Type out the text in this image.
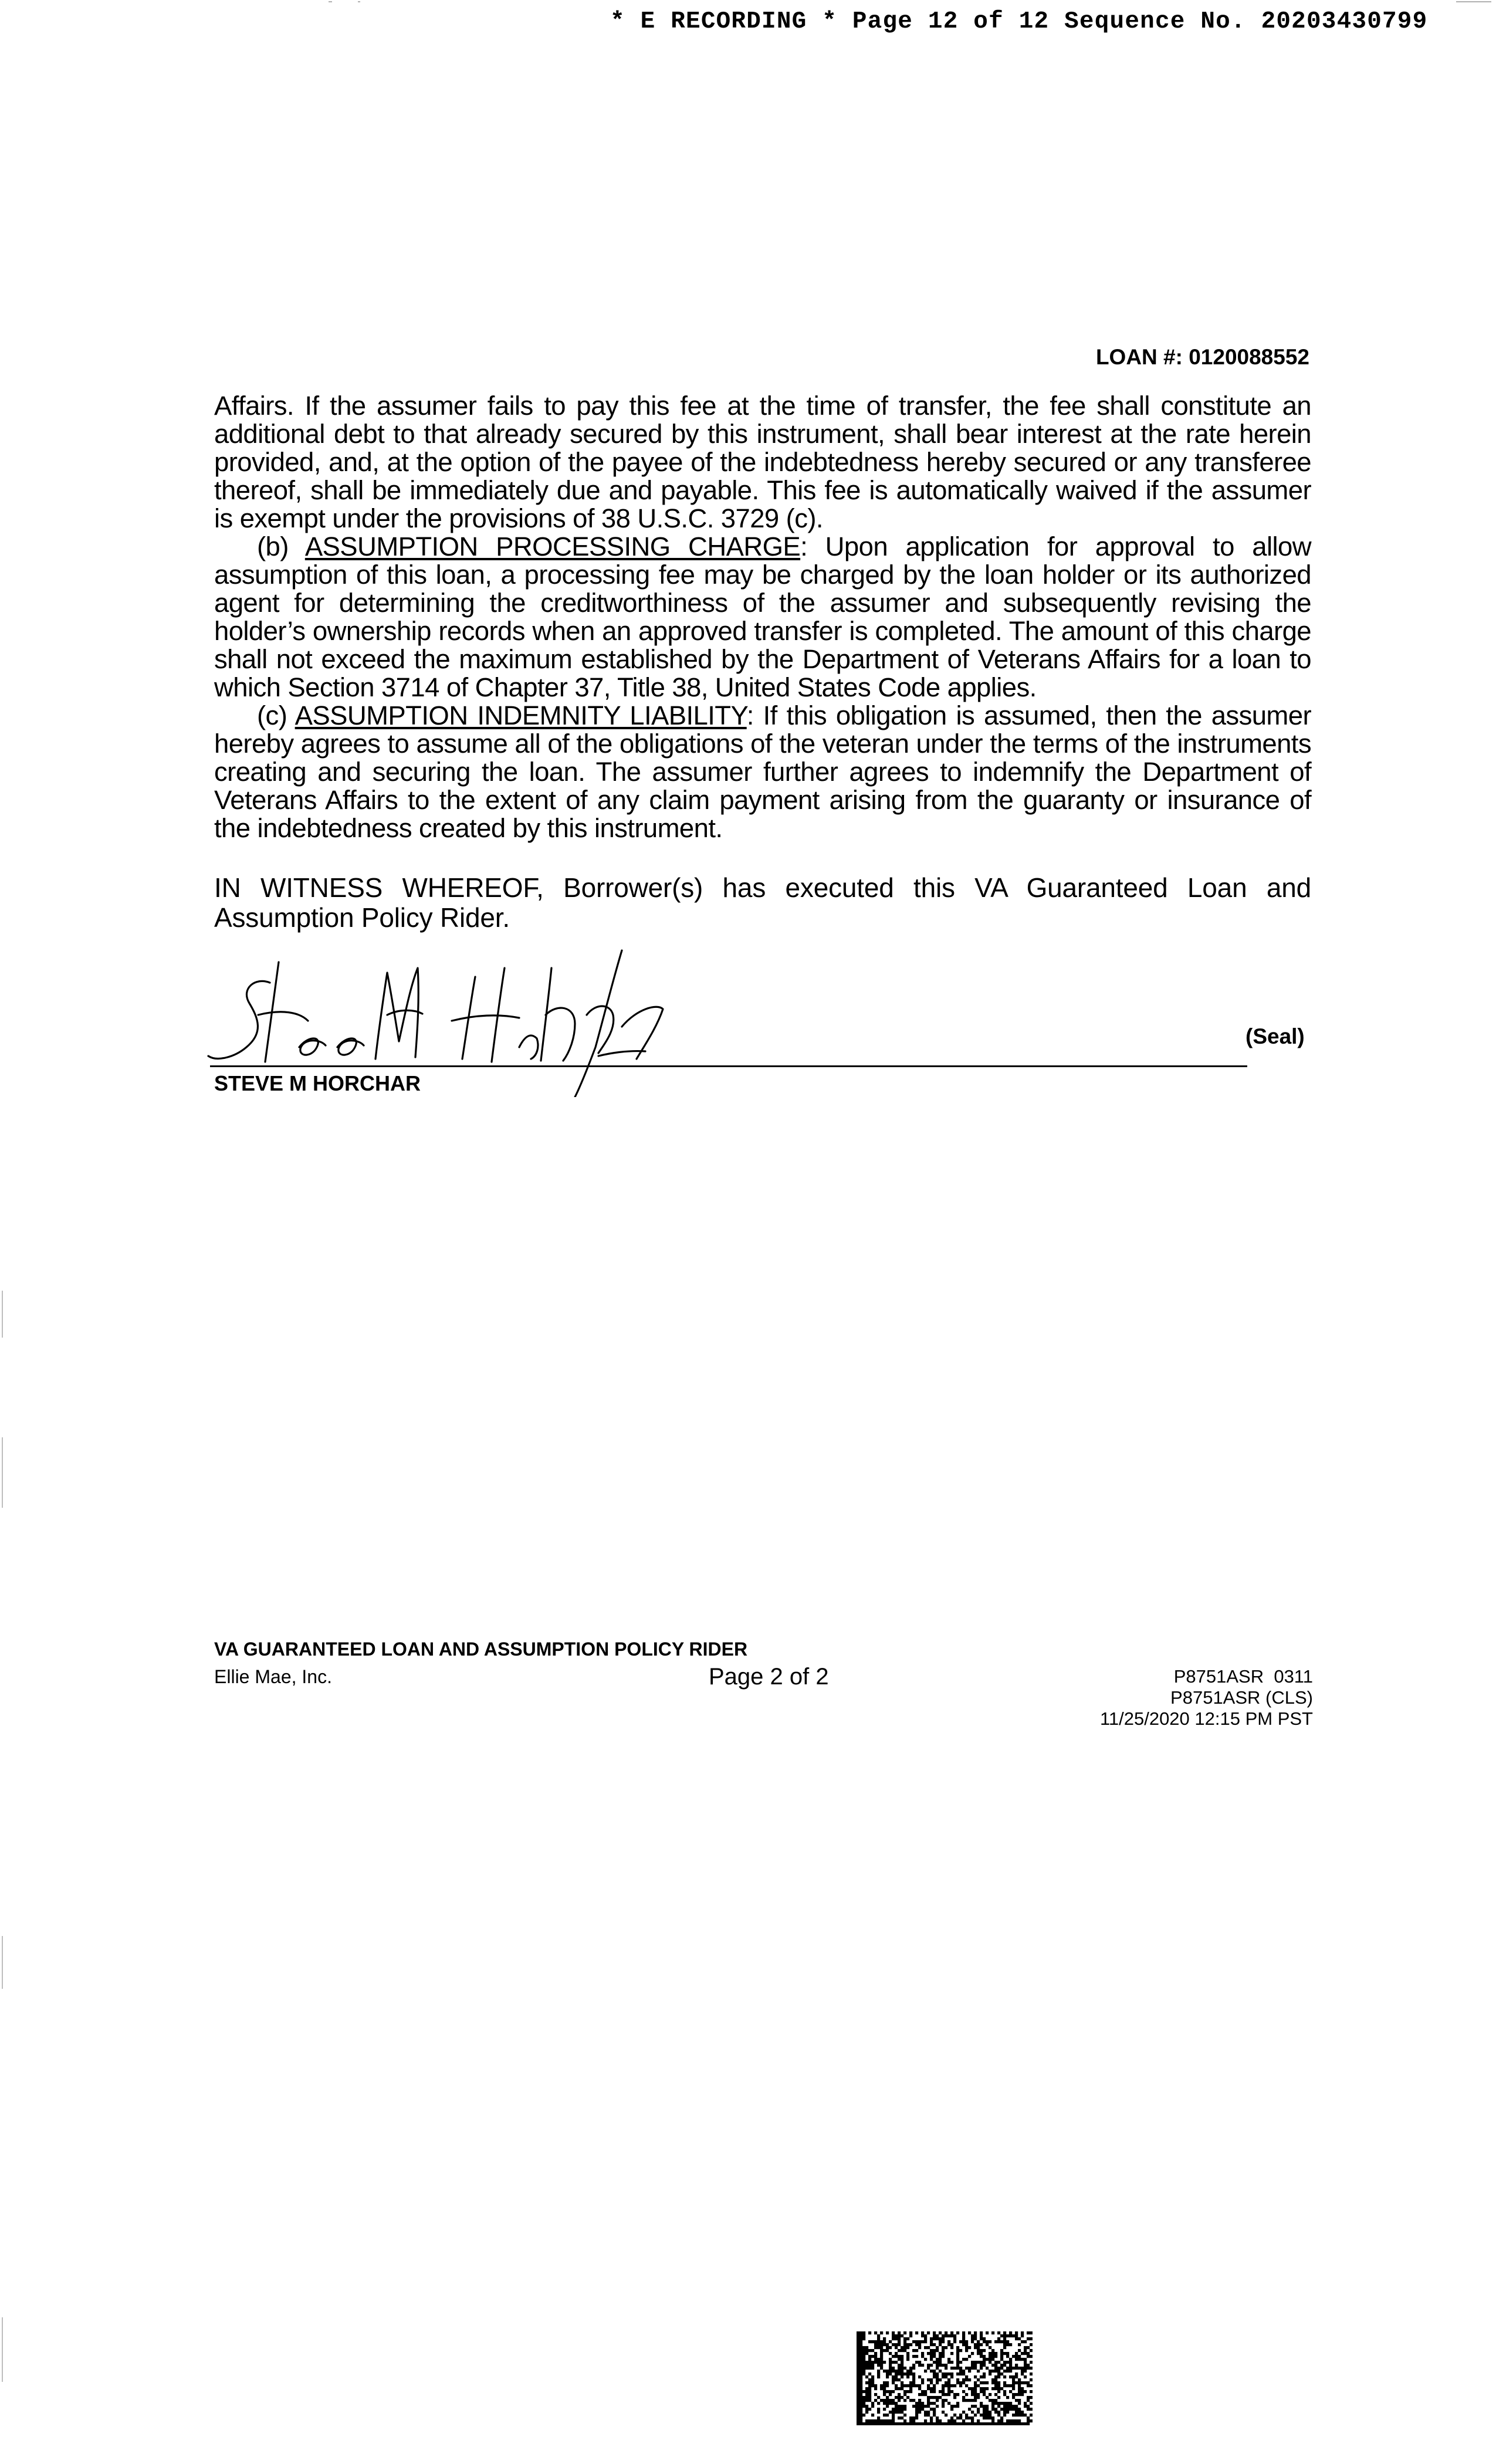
* E RECORDING * Page 12 of 12 Sequence No. 20203430799
LOAN #: 0120088552

Affairs. If the assumer fails to pay this fee at the time of transfer, the fee shall constitute an additional debt to that already secured by this instrument, shall bear interest at the rate herein provided, and, at the option of the payee of the indebtedness hereby secured or any transferee thereof, shall be immediately due and payable. This fee is automatically waived if the assumer is exempt under the provisions of 38 U.S.C. 3729 (c).

(b) ASSUMPTION PROCESSING CHARGE: Upon application for approval to allow assumption of this loan, a processing fee may be charged by the loan holder or its authorized agent for determining the creditworthiness of the assumer and subsequently revising the holder’s ownership records when an approved transfer is completed. The amount of this charge shall not exceed the maximum established by the Department of Veterans Affairs for a loan to which Section 3714 of Chapter 37, Title 38, United States Code applies.

(c) ASSUMPTION INDEMNITY LIABILITY: If this obligation is assumed, then the assumer hereby agrees to assume all of the obligations of the veteran under the terms of the instruments creating and securing the loan. The assumer further agrees to indemnify the Department of Veterans Affairs to the extent of any claim payment arising from the guaranty or insurance of the indebtedness created by this instrument.

IN WITNESS WHEREOF, Borrower(s) has executed this VA Guaranteed Loan and Assumption Policy Rider.
(Seal)
STEVE M HORCHAR
VA GUARANTEED LOAN AND ASSUMPTION POLICY RIDER
Ellie Mae, Inc.	Page 2 of 2	P8751ASR  0311
P8751ASR (CLS)
11/25/2020 12:15 PM PST
